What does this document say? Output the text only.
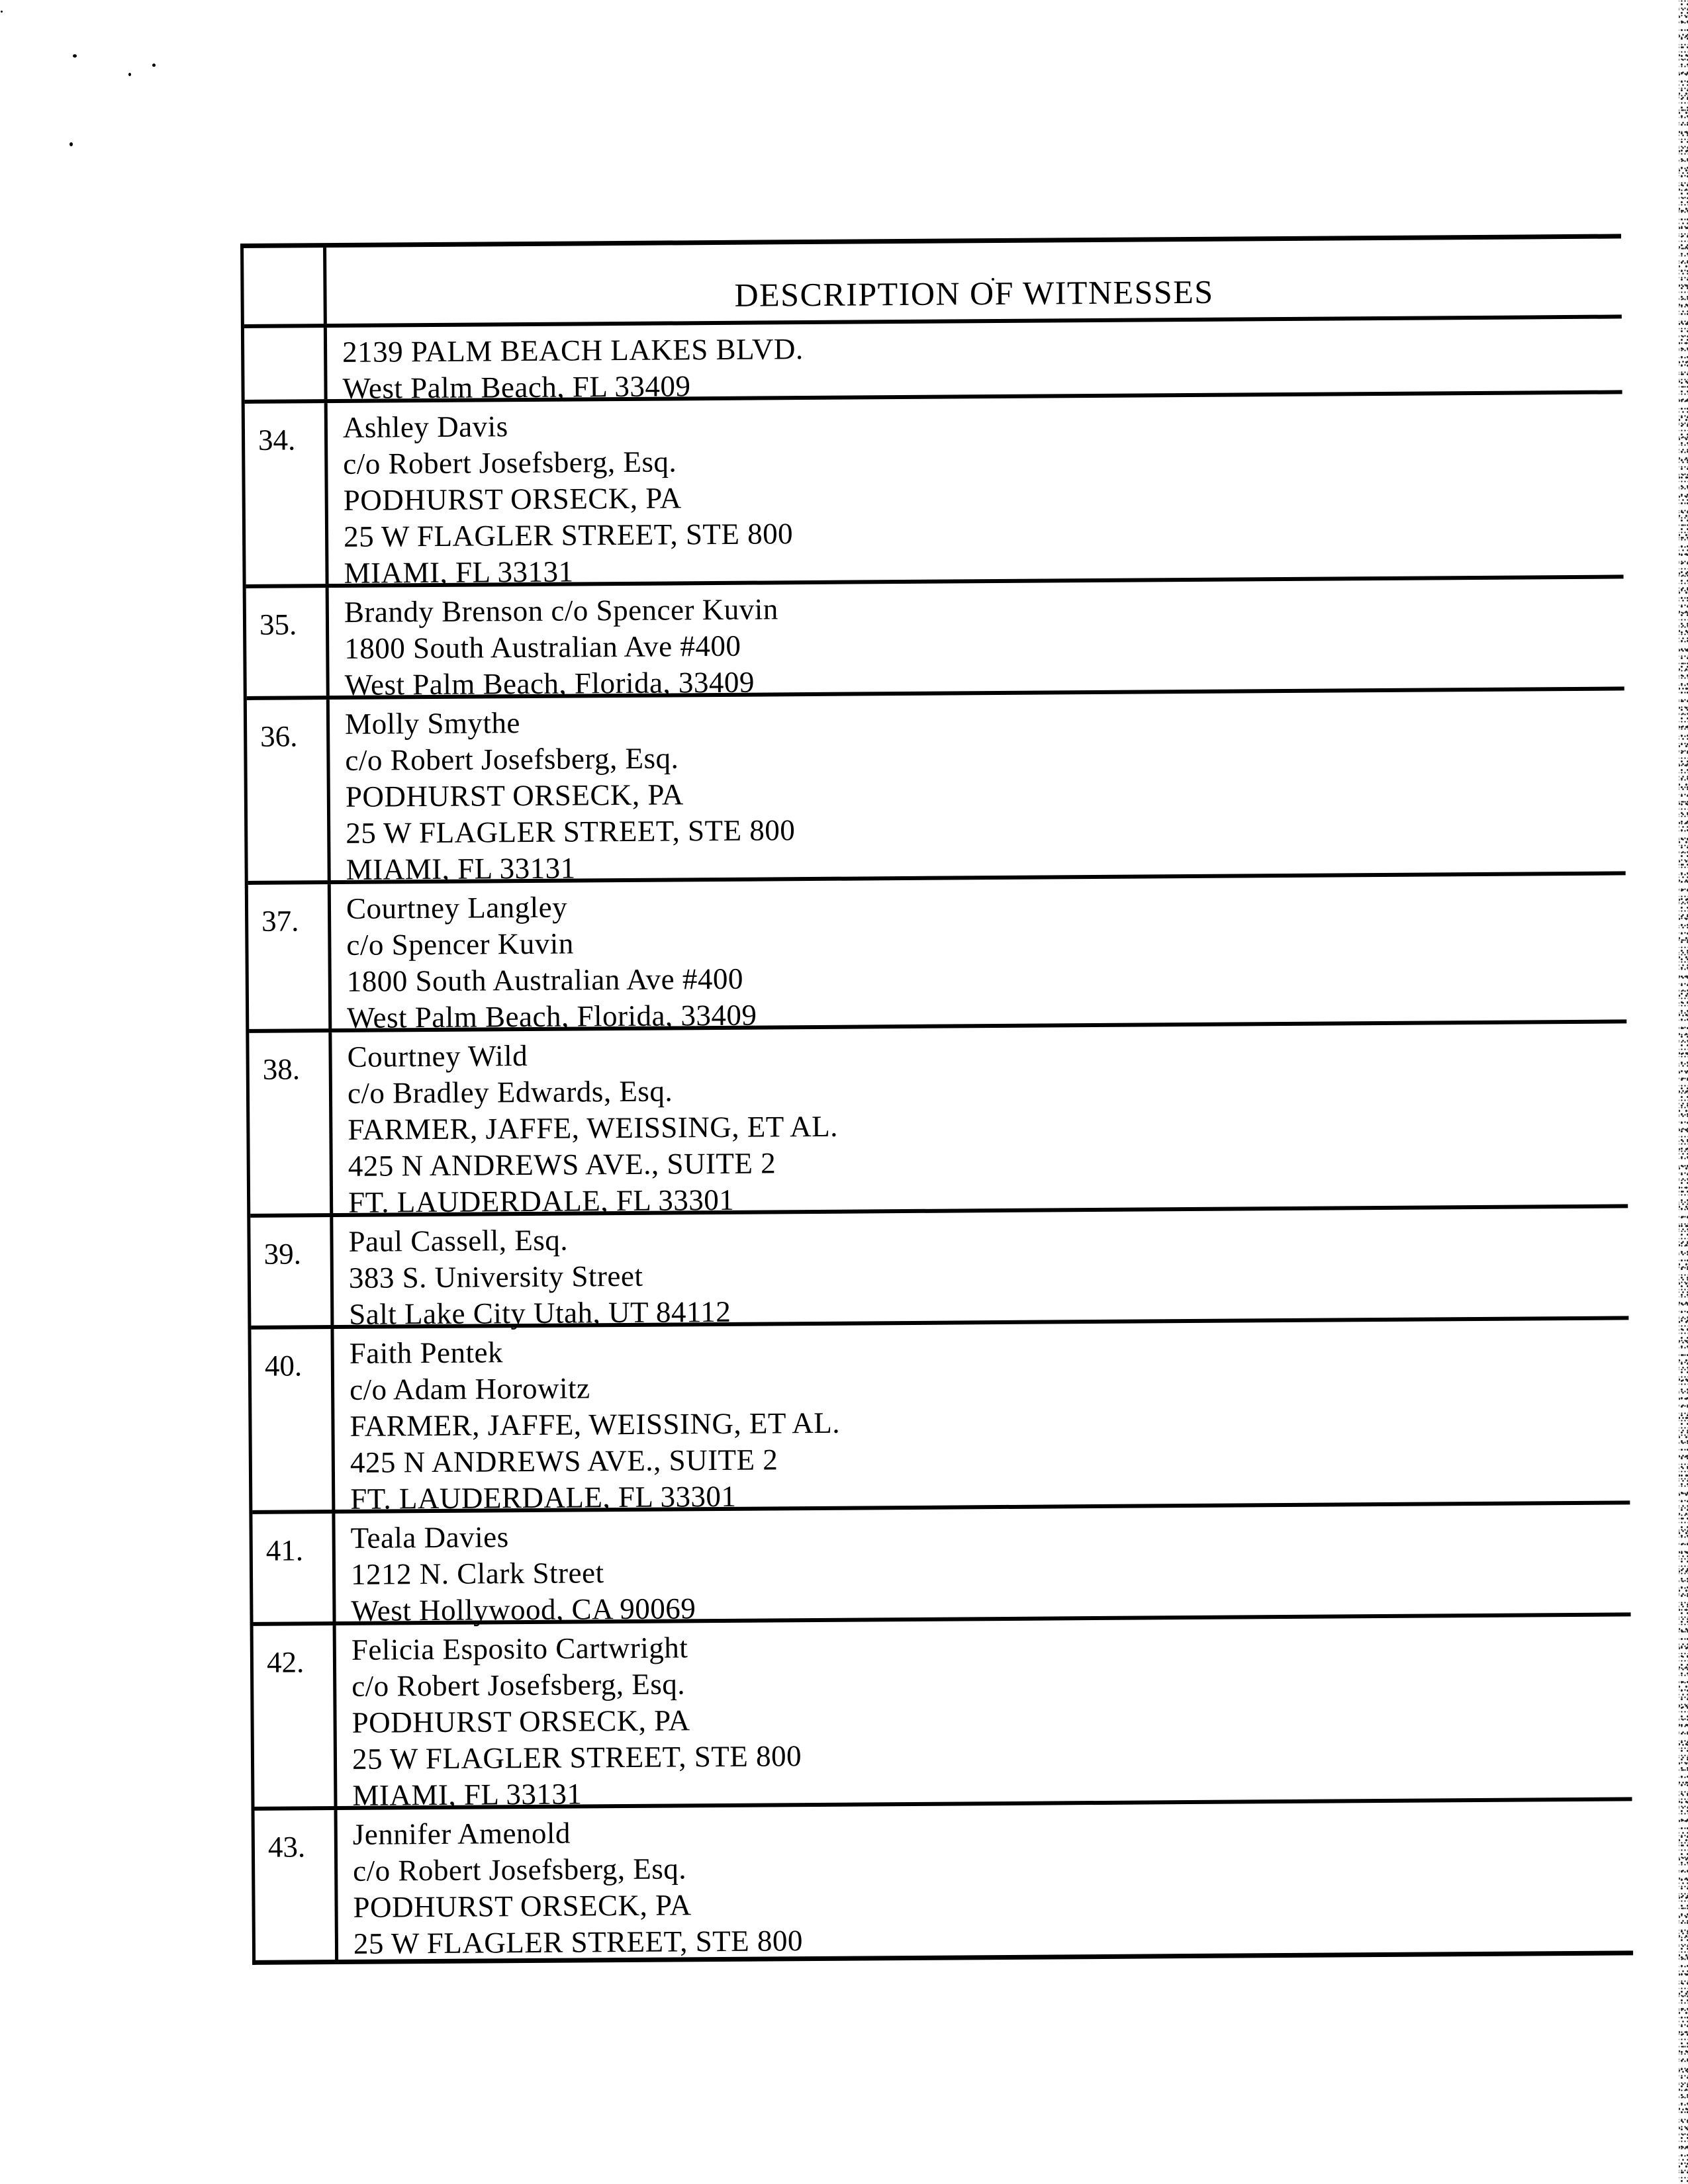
DESCRIPTION OF WITNESSES
2139 PALM BEACH LAKES BLVD.
West Palm Beach, FL 33409
34.	Ashley Davis
c/o Robert Josefsberg, Esq.
PODHURST ORSECK, PA
25 W FLAGLER STREET, STE 800
MIAMI, FL 33131
35.	Brandy Brenson c/o Spencer Kuvin
1800 South Australian Ave #400
West Palm Beach, Florida, 33409
36.	Molly Smythe
c/o Robert Josefsberg, Esq.
PODHURST ORSECK, PA
25 W FLAGLER STREET, STE 800
MIAMI, FL 33131
37.	Courtney Langley
c/o Spencer Kuvin
1800 South Australian Ave #400
West Palm Beach, Florida, 33409
38.	Courtney Wild
c/o Bradley Edwards, Esq.
FARMER, JAFFE, WEISSING, ET AL.
425 N ANDREWS AVE., SUITE 2
FT. LAUDERDALE, FL 33301
39.	Paul Cassell, Esq.
383 S. University Street
Salt Lake City Utah, UT 84112
40.	Faith Pentek
c/o Adam Horowitz
FARMER, JAFFE, WEISSING, ET AL.
425 N ANDREWS AVE., SUITE 2
FT. LAUDERDALE, FL 33301
41.	Teala Davies
1212 N. Clark Street
West Hollywood, CA 90069
42.	Felicia Esposito Cartwright
c/o Robert Josefsberg, Esq.
PODHURST ORSECK, PA
25 W FLAGLER STREET, STE 800
MIAMI, FL 33131
43.	Jennifer Amenold
c/o Robert Josefsberg, Esq.
PODHURST ORSECK, PA
25 W FLAGLER STREET, STE 800
